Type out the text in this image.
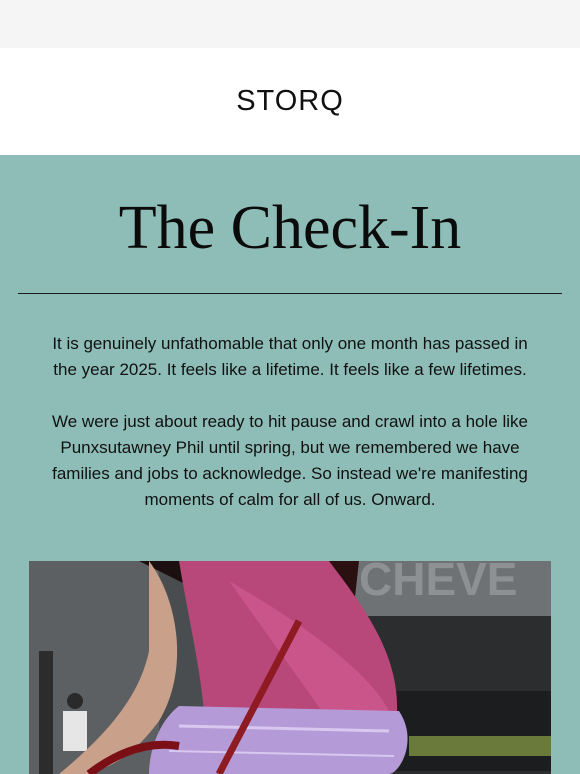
STORQ
The Check-In

It is genuinely unfathomable that only one month has passed in the year 2025. It feels like a lifetime. It feels like a few lifetimes.

We were just about ready to hit pause and crawl into a hole like Punxsutawney Phil until spring, but we remembered we have families and jobs to acknowledge. So instead we're manifesting moments of calm for all of us. Onward.

CHEVE
